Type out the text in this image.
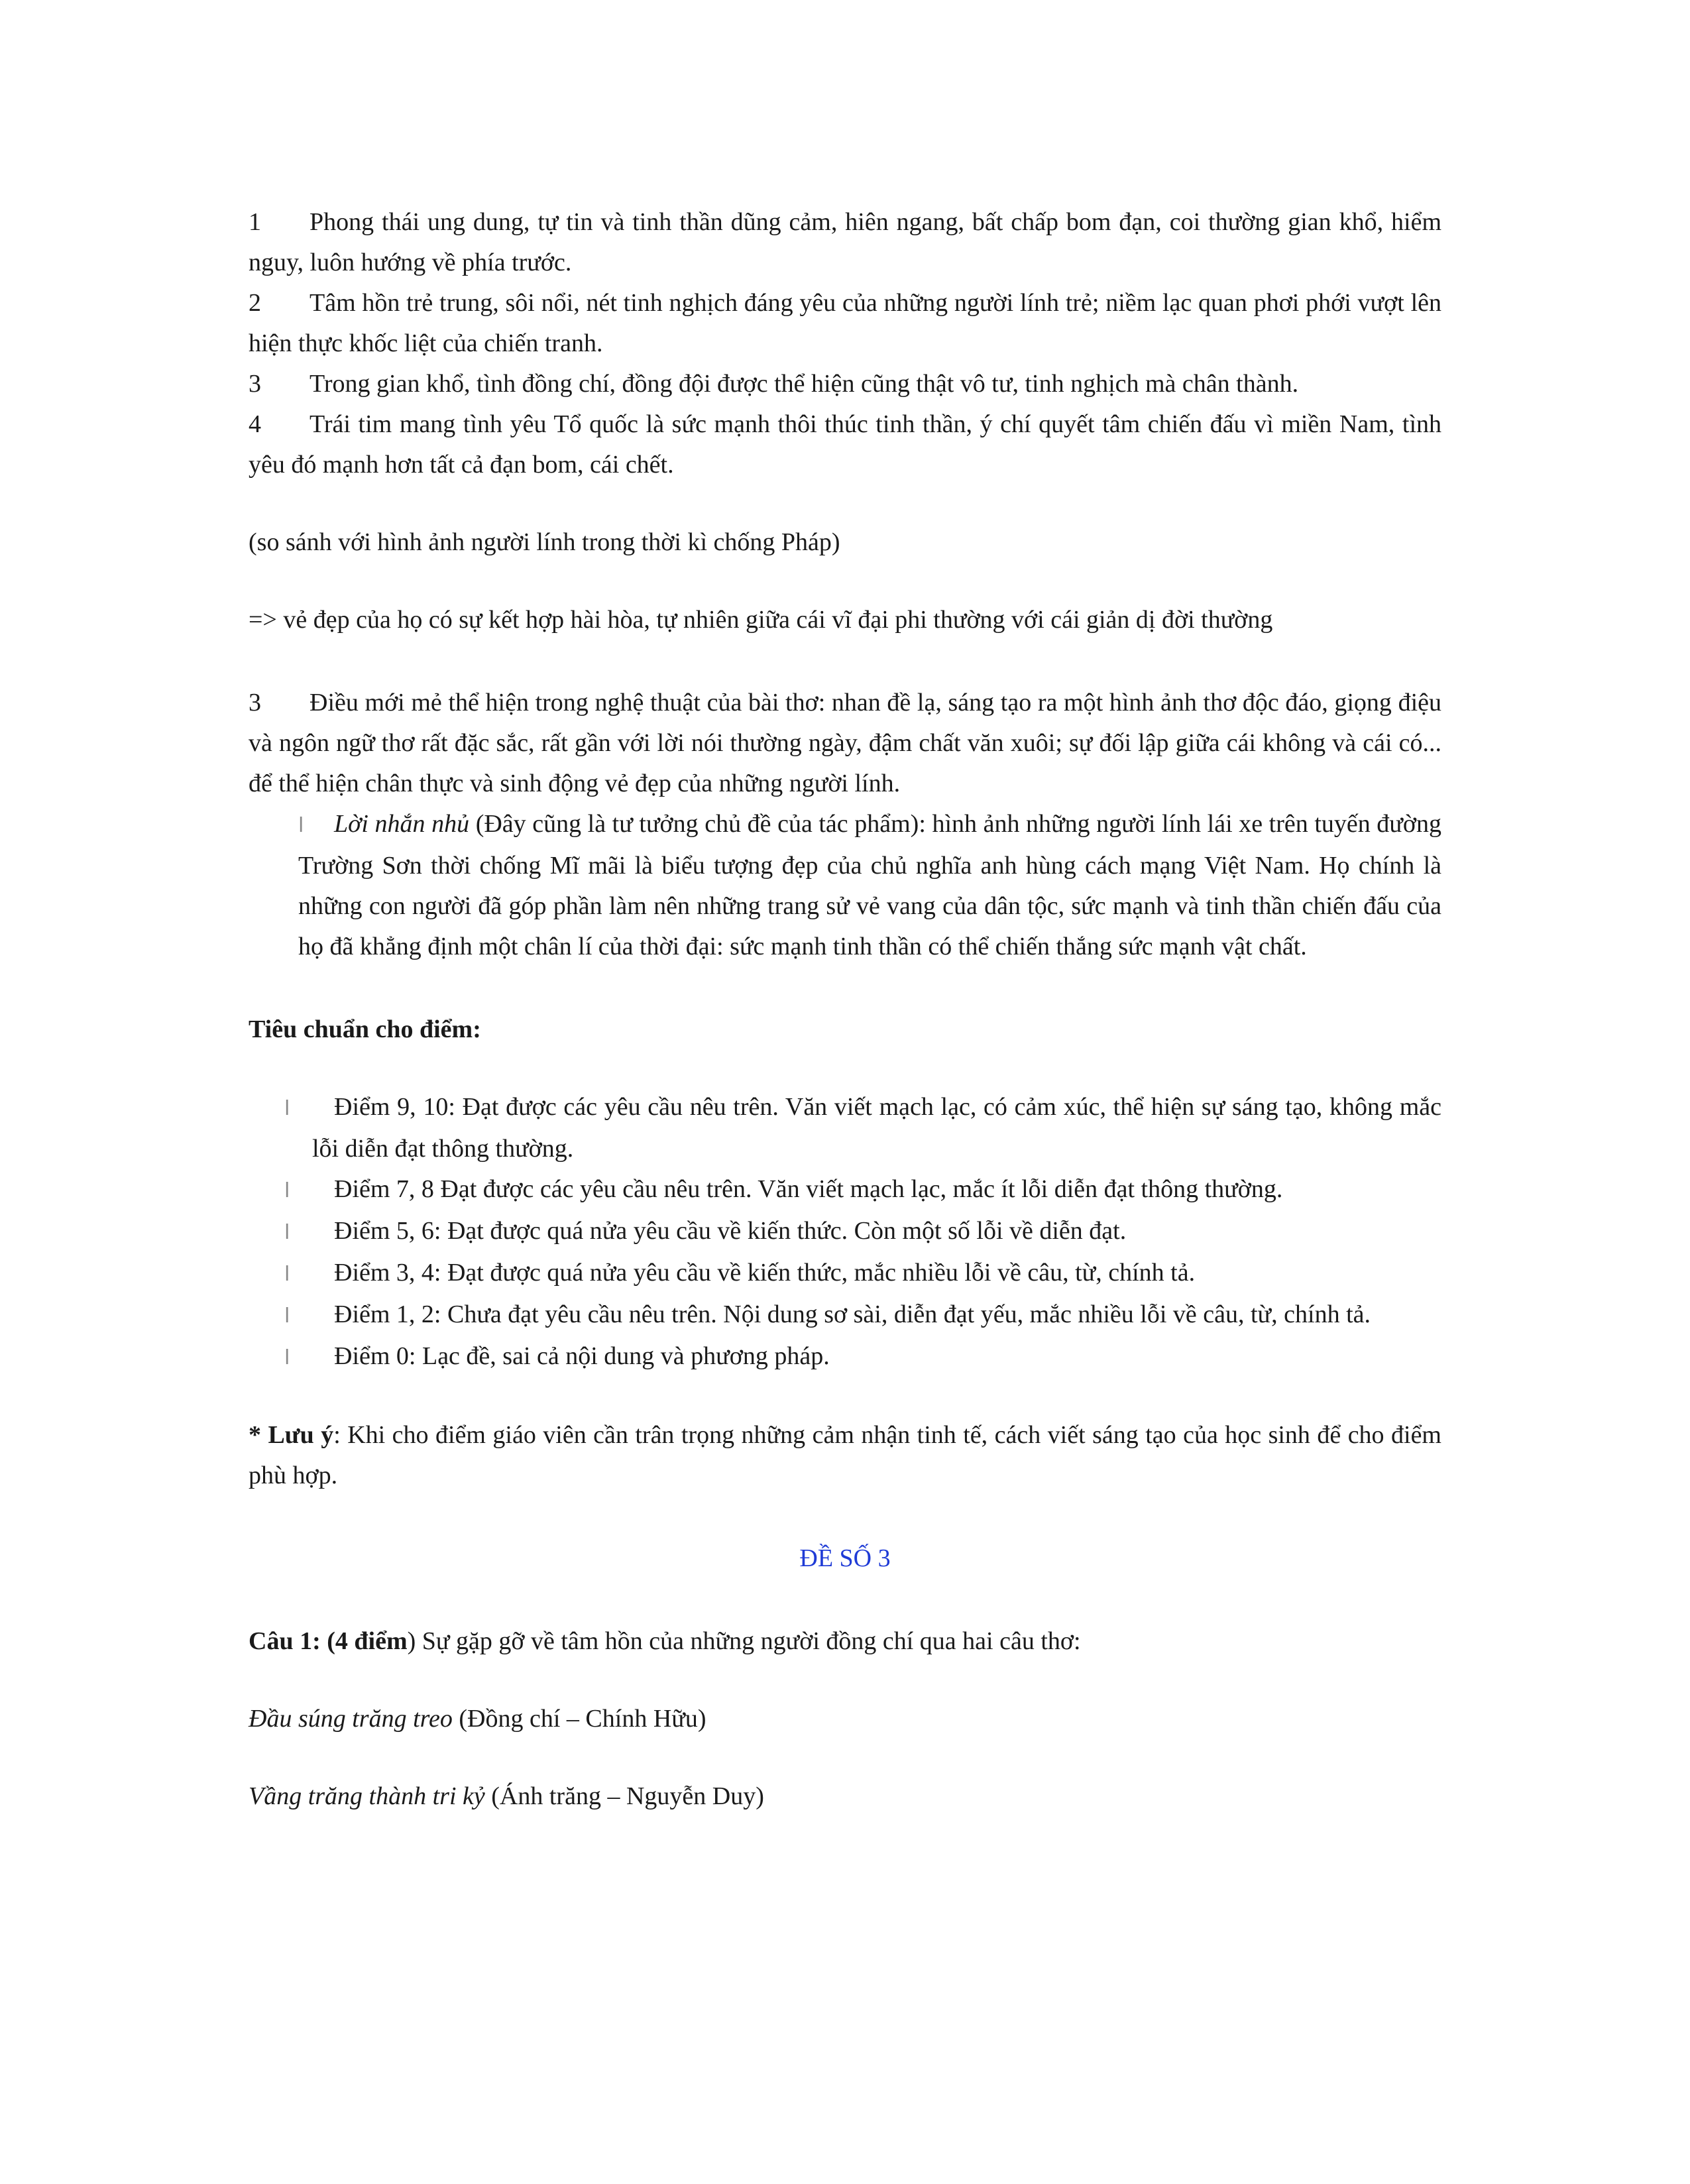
1 Phong thái ung dung, tự tin và tinh thần dũng cảm, hiên ngang, bất chấp bom đạn, coi thường gian khổ, hiểm nguy, luôn hướng về phía trước.

2 Tâm hồn trẻ trung, sôi nổi, nét tinh nghịch đáng yêu của những người lính trẻ; niềm lạc quan phơi phới vượt lên hiện thực khốc liệt của chiến tranh.

3 Trong gian khổ, tình đồng chí, đồng đội được thể hiện cũng thật vô tư, tinh nghịch mà chân thành.

4 Trái tim mang tình yêu Tổ quốc là sức mạnh thôi thúc tinh thần, ý chí quyết tâm chiến đấu vì miền Nam, tình yêu đó mạnh hơn tất cả đạn bom, cái chết.

(so sánh với hình ảnh người lính trong thời kì chống Pháp)

=> vẻ đẹp của họ có sự kết hợp hài hòa, tự nhiên giữa cái vĩ đại phi thường với cái giản dị đời thường

3 Điều mới mẻ thể hiện trong nghệ thuật của bài thơ: nhan đề lạ, sáng tạo ra một hình ảnh thơ độc đáo, giọng điệu và ngôn ngữ thơ rất đặc sắc, rất gần với lời nói thường ngày, đậm chất văn xuôi; sự đối lập giữa cái không và cái có... để thể hiện chân thực và sinh động vẻ đẹp của những người lính.

l Lời nhắn nhủ (Đây cũng là tư tưởng chủ đề của tác phẩm): hình ảnh những người lính lái xe trên tuyến đường Trường Sơn thời chống Mĩ mãi là biểu tượng đẹp của chủ nghĩa anh hùng cách mạng Việt Nam. Họ chính là những con người đã góp phần làm nên những trang sử vẻ vang của dân tộc, sức mạnh và tinh thần chiến đấu của họ đã khẳng định một chân lí của thời đại: sức mạnh tinh thần có thể chiến thắng sức mạnh vật chất.

Tiêu chuẩn cho điểm:

l Điểm 9, 10: Đạt được các yêu cầu nêu trên. Văn viết mạch lạc, có cảm xúc, thể hiện sự sáng tạo, không mắc lỗi diễn đạt thông thường.

l Điểm 7, 8 Đạt được các yêu cầu nêu trên. Văn viết mạch lạc, mắc ít lỗi diễn đạt thông thường.

l Điểm 5, 6: Đạt được quá nửa yêu cầu về kiến thức. Còn một số lỗi về diễn đạt.

l Điểm 3, 4: Đạt được quá nửa yêu cầu về kiến thức, mắc nhiều lỗi về câu, từ, chính tả.

l Điểm 1, 2: Chưa đạt yêu cầu nêu trên. Nội dung sơ sài, diễn đạt yếu, mắc nhiều lỗi về câu, từ, chính tả.

l Điểm 0: Lạc đề, sai cả nội dung và phương pháp.

* Lưu ý: Khi cho điểm giáo viên cần trân trọng những cảm nhận tinh tế, cách viết sáng tạo của học sinh để cho điểm phù hợp.

ĐỀ SỐ 3

Câu 1: (4 điểm) Sự gặp gỡ về tâm hồn của những người đồng chí qua hai câu thơ:

Đầu súng trăng treo (Đồng chí – Chính Hữu)

Vầng trăng thành tri kỷ (Ánh trăng – Nguyễn Duy)
